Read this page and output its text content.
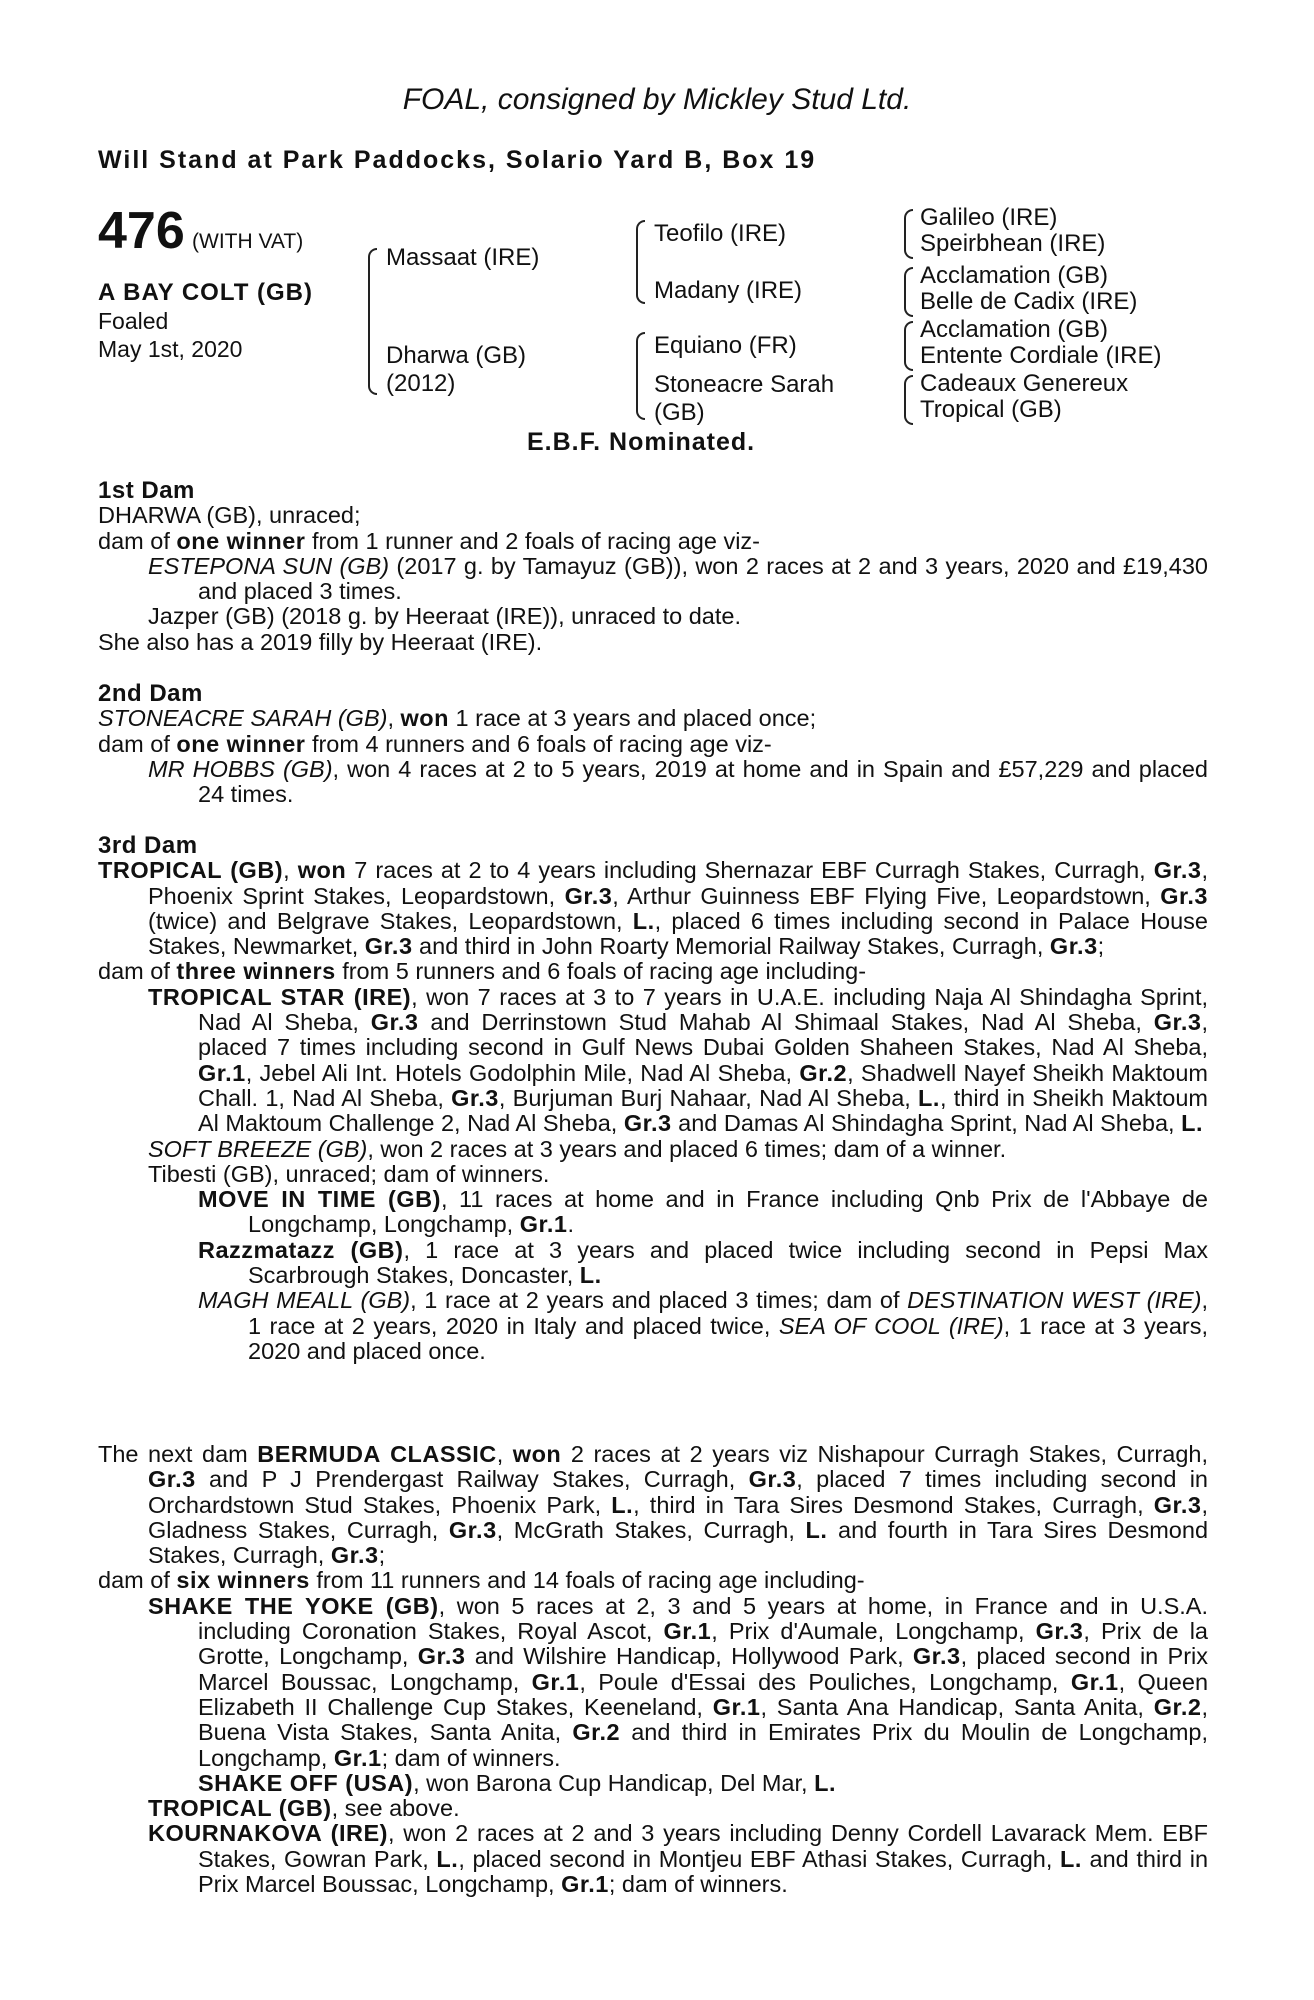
FOAL, consigned by Mickley Stud Ltd.
Will Stand at Park Paddocks, Solario Yard B, Box 19
476 (WITH VAT)
A BAY COLT (GB)
Foaled
May 1st, 2020
Massaat (IRE)
Dharwa (GB)
(2012)
Teofilo (IRE)
Madany (IRE)
Equiano (FR)
Stoneacre Sarah
(GB)
Galileo (IRE)
Speirbhean (IRE)
Acclamation (GB)
Belle de Cadix (IRE)
Acclamation (GB)
Entente Cordiale (IRE)
Cadeaux Genereux
Tropical (GB)
E.B.F. Nominated.

1st Dam

DHARWA (GB), unraced;

dam of one winner from 1 runner and 2 foals of racing age viz-

ESTEPONA SUN (GB) (2017 g. by Tamayuz (GB)), won 2 races at 2 and 3 years, 2020 and £19,430 and placed 3 times.

Jazper (GB) (2018 g. by Heeraat (IRE)), unraced to date.

She also has a 2019 filly by Heeraat (IRE).

2nd Dam

STONEACRE SARAH (GB), won 1 race at 3 years and placed once;

dam of one winner from 4 runners and 6 foals of racing age viz-

MR HOBBS (GB), won 4 races at 2 to 5 years, 2019 at home and in Spain and £57,229 and placed 24 times.

3rd Dam

TROPICAL (GB), won 7 races at 2 to 4 years including Shernazar EBF Curragh Stakes, Curragh, Gr.3, Phoenix Sprint Stakes, Leopardstown, Gr.3, Arthur Guinness EBF Flying Five, Leopardstown, Gr.3 (twice) and Belgrave Stakes, Leopardstown, L., placed 6 times including second in Palace House Stakes, Newmarket, Gr.3 and third in John Roarty Memorial Railway Stakes, Curragh, Gr.3;

dam of three winners from 5 runners and 6 foals of racing age including-

TROPICAL STAR (IRE), won 7 races at 3 to 7 years in U.A.E. including Naja Al Shindagha Sprint, Nad Al Sheba, Gr.3 and Derrinstown Stud Mahab Al Shimaal Stakes, Nad Al Sheba, Gr.3, placed 7 times including second in Gulf News Dubai Golden Shaheen Stakes, Nad Al Sheba, Gr.1, Jebel Ali Int. Hotels Godolphin Mile, Nad Al Sheba, Gr.2, Shadwell Nayef Sheikh Maktoum Chall. 1, Nad Al Sheba, Gr.3, Burjuman Burj Nahaar, Nad Al Sheba, L., third in Sheikh Maktoum Al Maktoum Challenge 2, Nad Al Sheba, Gr.3 and Damas Al Shindagha Sprint, Nad Al Sheba, L.

SOFT BREEZE (GB), won 2 races at 3 years and placed 6 times; dam of a winner.

Tibesti (GB), unraced; dam of winners.

MOVE IN TIME (GB), 11 races at home and in France including Qnb Prix de l'Abbaye de Longchamp, Longchamp, Gr.1.

Razzmatazz (GB), 1 race at 3 years and placed twice including second in Pepsi Max Scarbrough Stakes, Doncaster, L.

MAGH MEALL (GB), 1 race at 2 years and placed 3 times; dam of DESTINATION WEST (IRE), 1 race at 2 years, 2020 in Italy and placed twice, SEA OF COOL (IRE), 1 race at 3 years, 2020 and placed once.

The next dam BERMUDA CLASSIC, won 2 races at 2 years viz Nishapour Curragh Stakes, Curragh, Gr.3 and P J Prendergast Railway Stakes, Curragh, Gr.3, placed 7 times including second in Orchardstown Stud Stakes, Phoenix Park, L., third in Tara Sires Desmond Stakes, Curragh, Gr.3, Gladness Stakes, Curragh, Gr.3, McGrath Stakes, Curragh, L. and fourth in Tara Sires Desmond Stakes, Curragh, Gr.3;

dam of six winners from 11 runners and 14 foals of racing age including-

SHAKE THE YOKE (GB), won 5 races at 2, 3 and 5 years at home, in France and in U.S.A. including Coronation Stakes, Royal Ascot, Gr.1, Prix d'Aumale, Longchamp, Gr.3, Prix de la Grotte, Longchamp, Gr.3 and Wilshire Handicap, Hollywood Park, Gr.3, placed second in Prix Marcel Boussac, Longchamp, Gr.1, Poule d'Essai des Pouliches, Longchamp, Gr.1, Queen Elizabeth II Challenge Cup Stakes, Keeneland, Gr.1, Santa Ana Handicap, Santa Anita, Gr.2, Buena Vista Stakes, Santa Anita, Gr.2 and third in Emirates Prix du Moulin de Longchamp, Longchamp, Gr.1; dam of winners.

SHAKE OFF (USA), won Barona Cup Handicap, Del Mar, L.

TROPICAL (GB), see above.

KOURNAKOVA (IRE), won 2 races at 2 and 3 years including Denny Cordell Lavarack Mem. EBF Stakes, Gowran Park, L., placed second in Montjeu EBF Athasi Stakes, Curragh, L. and third in Prix Marcel Boussac, Longchamp, Gr.1; dam of winners.
